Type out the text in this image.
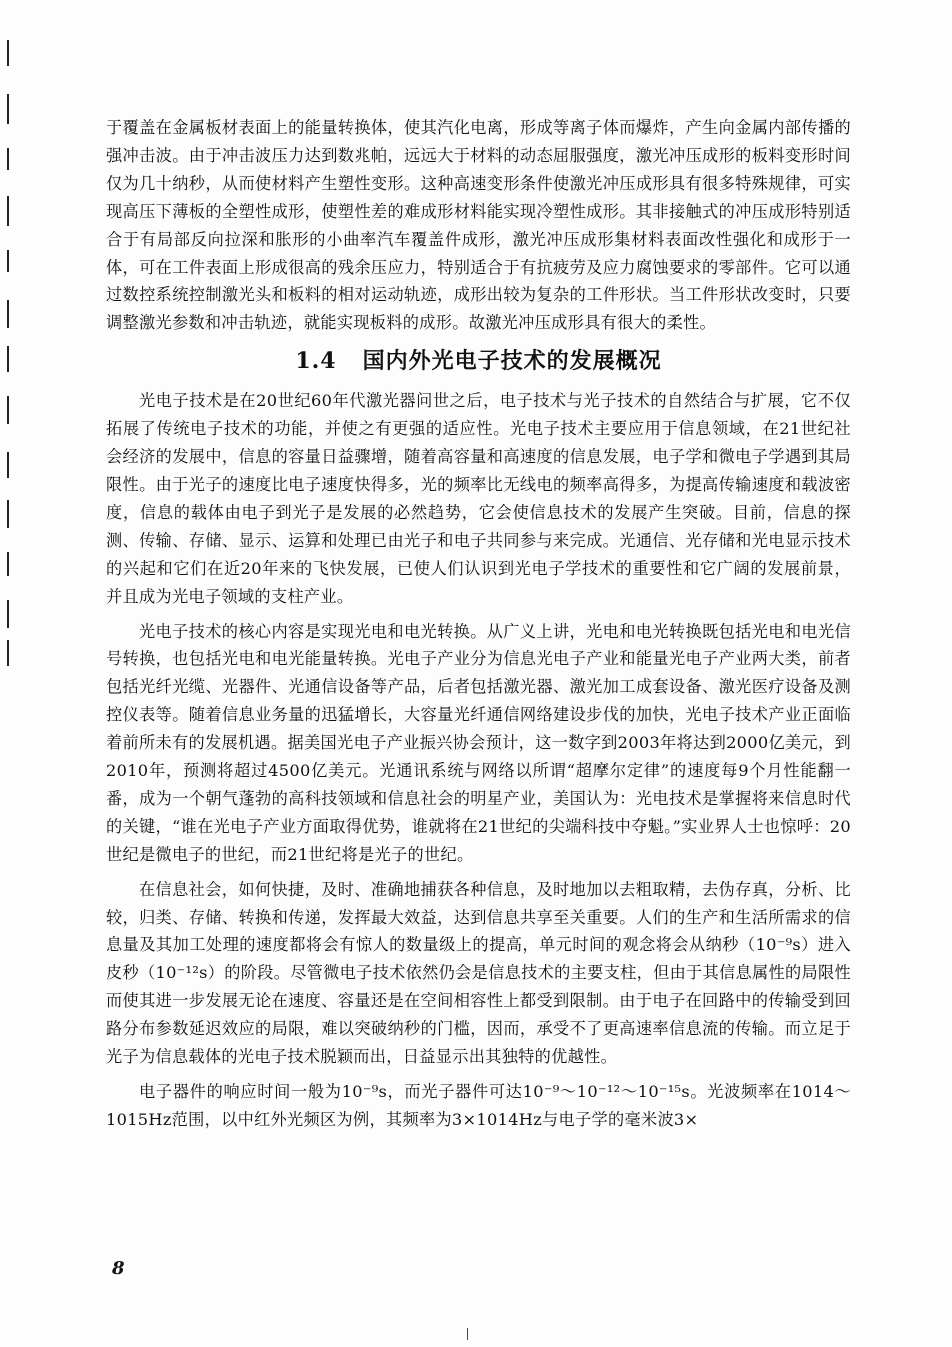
于覆盖在金属板材表面上的能量转换体，使其汽化电离，形成等离子体而爆炸，产生向金属内部传播的强冲击波。由于冲击波压力达到数兆帕，远远大于材料的动态屈服强度，激光冲压成形的板料变形时间仅为几十纳秒，从而使材料产生塑性变形。这种高速变形条件使激光冲压成形具有很多特殊规律，可实现高压下薄板的全塑性成形，使塑性差的难成形材料能实现冷塑性成形。其非接触式的冲压成形特别适合于有局部反向拉深和胀形的小曲率汽车覆盖件成形，激光冲压成形集材料表面改性强化和成形于一体，可在工件表面上形成很高的残余压应力，特别适合于有抗疲劳及应力腐蚀要求的零部件。它可以通过数控系统控制激光头和板料的相对运动轨迹，成形出较为复杂的工件形状。当工件形状改变时，只要调整激光参数和冲击轨迹，就能实现板料的成形。故激光冲压成形具有很大的柔性。

1.4 国内外光电子技术的发展概况

光电子技术是在20世纪60年代激光器问世之后，电子技术与光子技术的自然结合与扩展，它不仅拓展了传统电子技术的功能，并使之有更强的适应性。光电子技术主要应用于信息领域，在21世纪社会经济的发展中，信息的容量日益骤增，随着高容量和高速度的信息发展，电子学和微电子学遇到其局限性。由于光子的速度比电子速度快得多，光的频率比无线电的频率高得多，为提高传输速度和载波密度，信息的载体由电子到光子是发展的必然趋势，它会使信息技术的发展产生突破。目前，信息的探测、传输、存储、显示、运算和处理已由光子和电子共同参与来完成。光通信、光存储和光电显示技术的兴起和它们在近20年来的飞快发展，已使人们认识到光电子学技术的重要性和它广阔的发展前景，并且成为光电子领域的支柱产业。

光电子技术的核心内容是实现光电和电光转换。从广义上讲，光电和电光转换既包括光电和电光信号转换，也包括光电和电光能量转换。光电子产业分为信息光电子产业和能量光电子产业两大类，前者包括光纤光缆、光器件、光通信设备等产品，后者包括激光器、激光加工成套设备、激光医疗设备及测控仪表等。随着信息业务量的迅猛增长，大容量光纤通信网络建设步伐的加快，光电子技术产业正面临着前所未有的发展机遇。据美国光电子产业振兴协会预计，这一数字到2003年将达到2000亿美元，到2010年，预测将超过4500亿美元。光通讯系统与网络以所谓“超摩尔定律”的速度每9个月性能翻一番，成为一个朝气蓬勃的高科技领域和信息社会的明星产业，美国认为：光电技术是掌握将来信息时代的关键，“谁在光电子产业方面取得优势，谁就将在21世纪的尖端科技中夺魁。”实业界人士也惊呼：20世纪是微电子的世纪，而21世纪将是光子的世纪。

在信息社会，如何快捷，及时、准确地捕获各种信息，及时地加以去粗取精，去伪存真，分析、比较，归类、存储、转换和传递，发挥最大效益，达到信息共享至关重要。人们的生产和生活所需求的信息量及其加工处理的速度都将会有惊人的数量级上的提高，单元时间的观念将会从纳秒（10⁻⁹s）进入皮秒（10⁻¹²s）的阶段。尽管微电子技术依然仍会是信息技术的主要支柱，但由于其信息属性的局限性而使其进一步发展无论在速度、容量还是在空间相容性上都受到限制。由于电子在回路中的传输受到回路分布参数延迟效应的局限，难以突破纳秒的门槛，因而，承受不了更高速率信息流的传输。而立足于光子为信息载体的光电子技术脱颖而出，日益显示出其独特的优越性。

电子器件的响应时间一般为10⁻⁹s，而光子器件可达10⁻⁹～10⁻¹²～10⁻¹⁵s。光波频率在1014～1015Hz范围，以中红外光频区为例，其频率为3×1014Hz与电子学的毫米波3×

8
